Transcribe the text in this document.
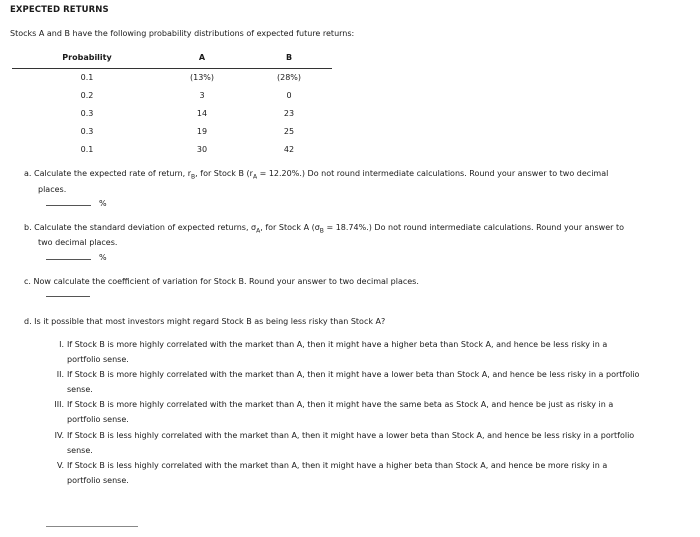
EXPECTED RETURNS
Stocks A and B have the following probability distributions of expected future returns:
Probability	A	B
0.1	(13%)	(28%)
0.2	3	0
0.3	14	23
0.3	19	25
0.1	30	42
a. Calculate the expected rate of return, $r_B$, for Stock B $(r_A = 12.20\%.)$ Do not round intermediate calculations. Round your answer to two decimal
places.
%
b. Calculate the standard deviation of expected returns, $\sigma_A$, for Stock A $(\sigma_B = 18.74\%.)$ Do not round intermediate calculations. Round your answer to
two decimal places.
%
c. Now calculate the coefficient of variation for Stock B. Round your answer to two decimal places.
d. Is it possible that most investors might regard Stock B as being less risky than Stock A?
I. If Stock B is more highly correlated with the market than A, then it might have a higher beta than Stock A, and hence be less risky in a
portfolio sense.
II. If Stock B is more highly correlated with the market than A, then it might have a lower beta than Stock A, and hence be less risky in a portfolio
sense.
III. If Stock B is more highly correlated with the market than A, then it might have the same beta as Stock A, and hence be just as risky in a
portfolio sense.
IV. If Stock B is less highly correlated with the market than A, then it might have a lower beta than Stock A, and hence be less risky in a portfolio
sense.
V. If Stock B is less highly correlated with the market than A, then it might have a higher beta than Stock A, and hence be more risky in a
portfolio sense.
